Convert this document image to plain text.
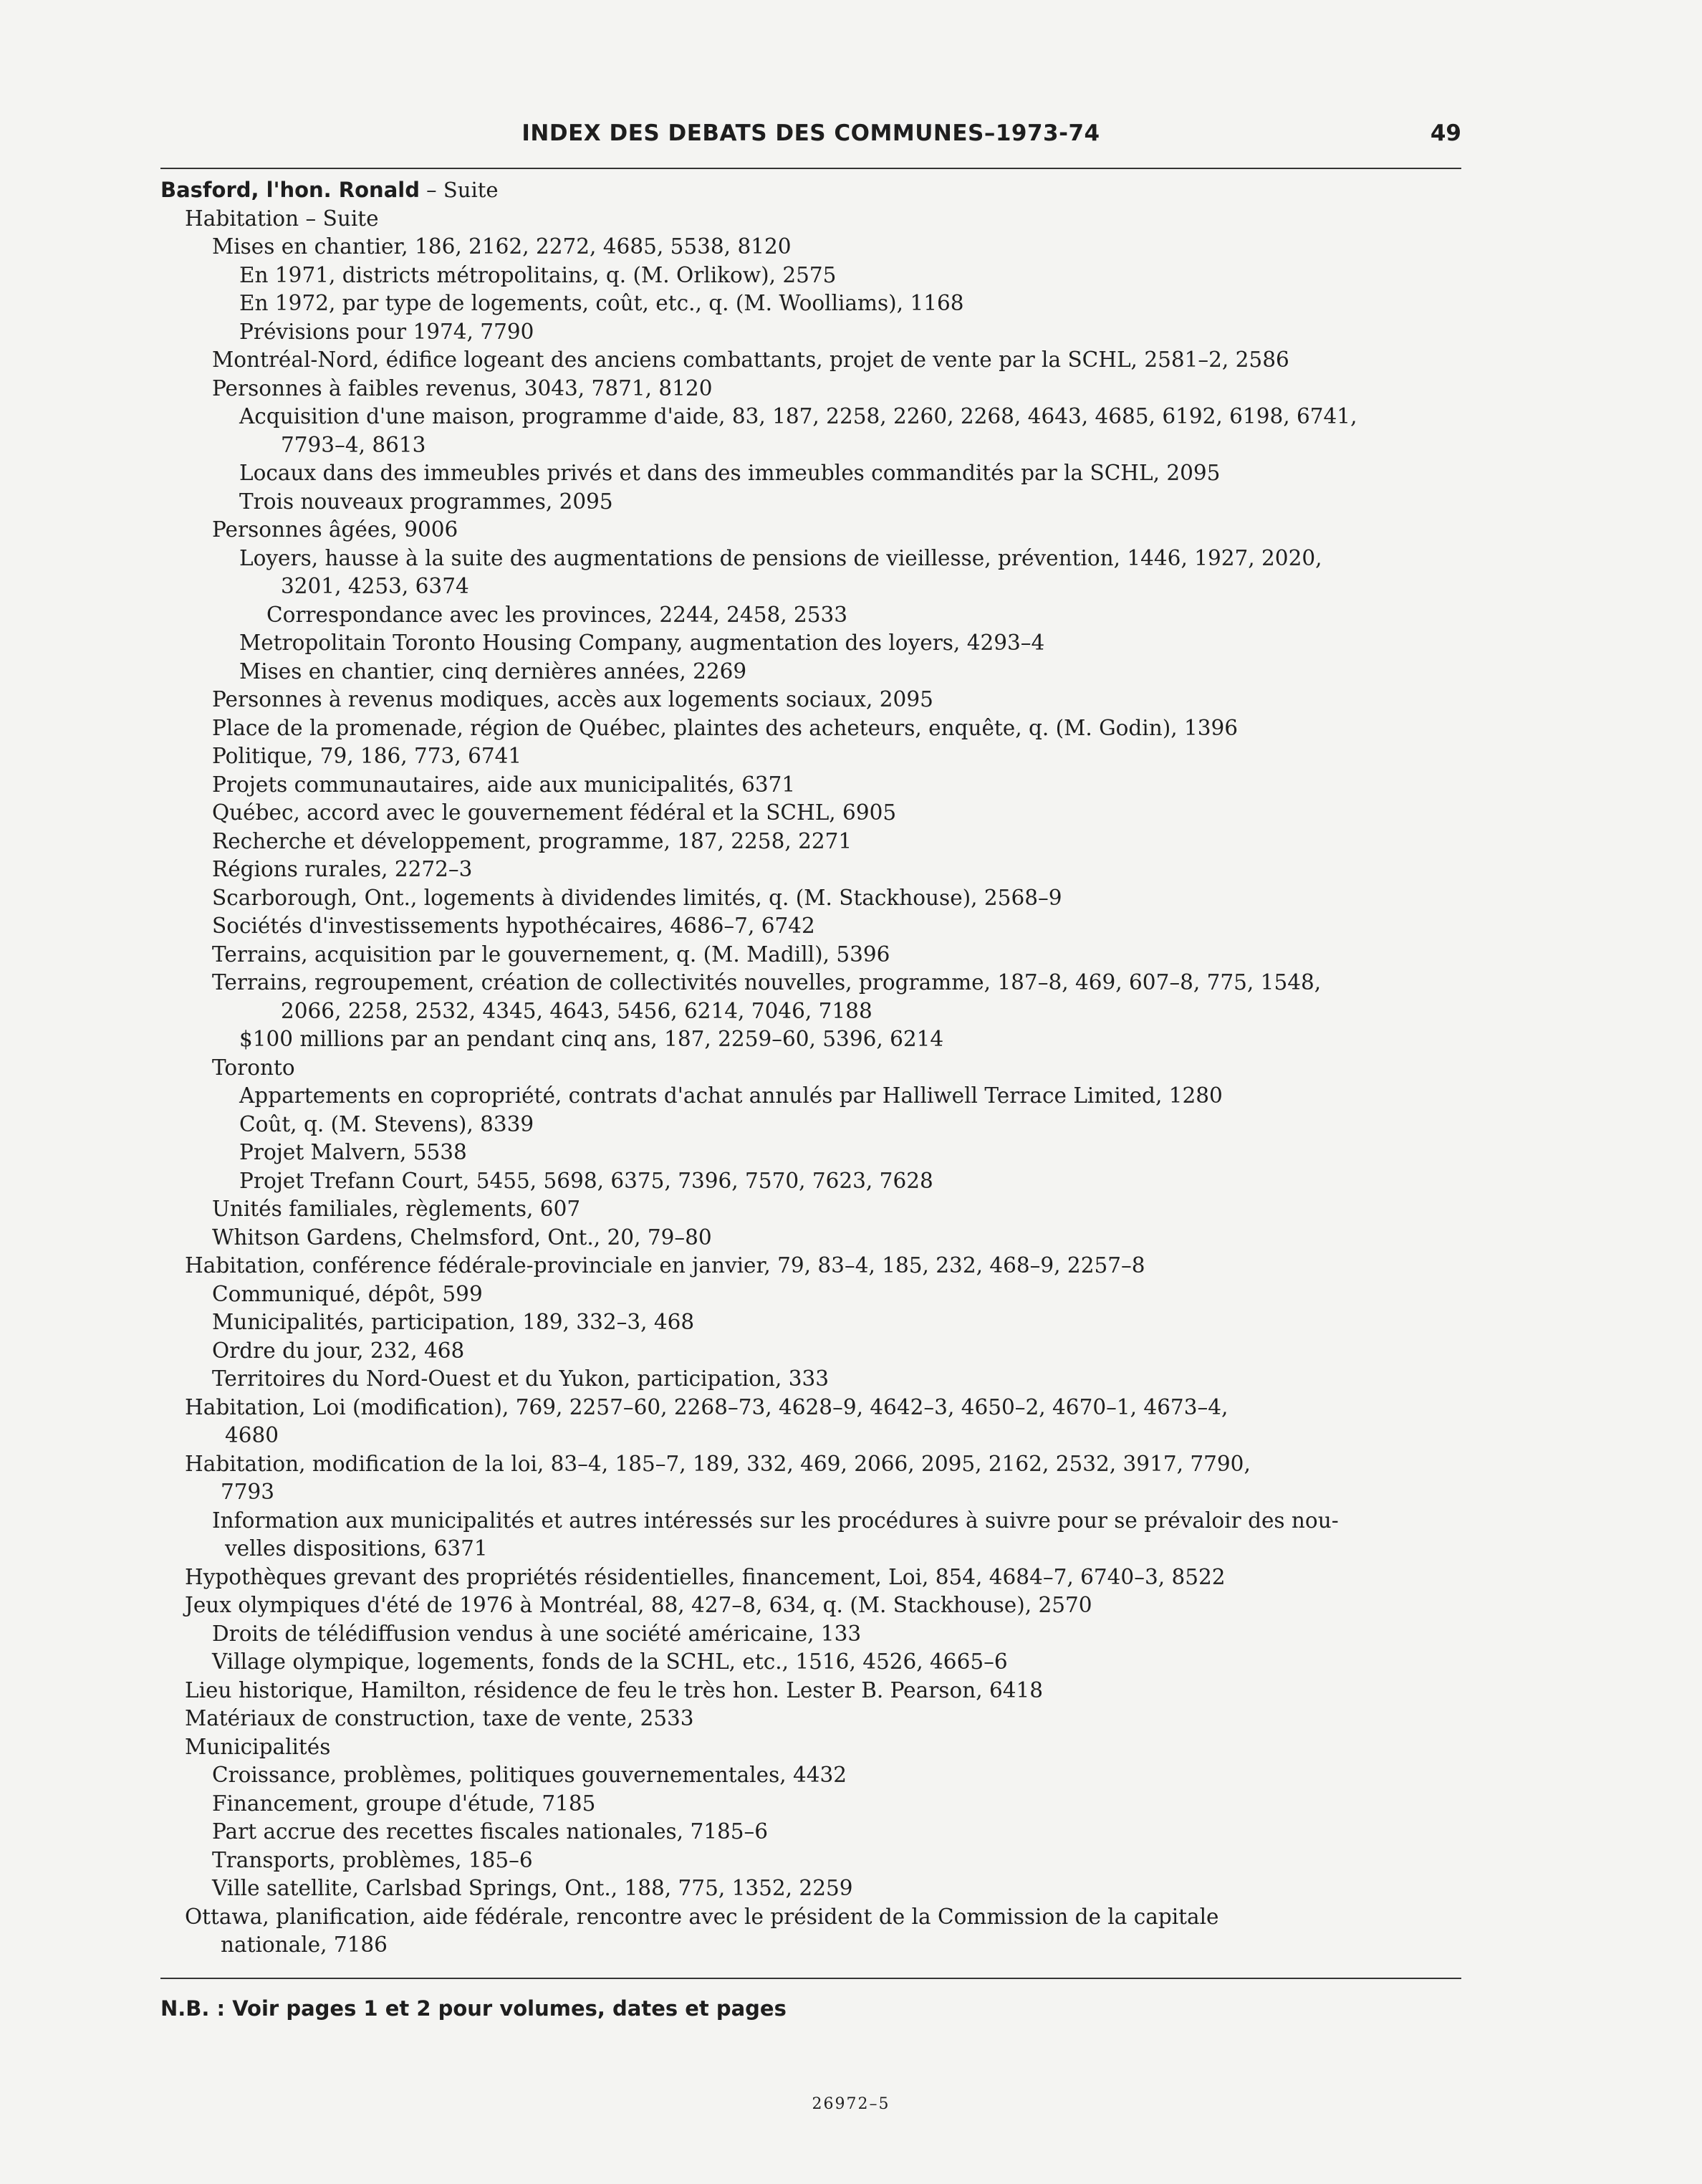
INDEX DES DEBATS DES COMMUNES–1973-74	49
Basford, l'hon. Ronald – Suite
Habitation – Suite
Mises en chantier, 186, 2162, 2272, 4685, 5538, 8120
En 1971, districts métropolitains, q. (M. Orlikow), 2575
En 1972, par type de logements, coût, etc., q. (M. Woolliams), 1168
Prévisions pour 1974, 7790
Montréal-Nord, édifice logeant des anciens combattants, projet de vente par la SCHL, 2581–2, 2586
Personnes à faibles revenus, 3043, 7871, 8120
Acquisition d'une maison, programme d'aide, 83, 187, 2258, 2260, 2268, 4643, 4685, 6192, 6198, 6741,
7793–4, 8613
Locaux dans des immeubles privés et dans des immeubles commandités par la SCHL, 2095
Trois nouveaux programmes, 2095
Personnes âgées, 9006
Loyers, hausse à la suite des augmentations de pensions de vieillesse, prévention, 1446, 1927, 2020,
3201, 4253, 6374
Correspondance avec les provinces, 2244, 2458, 2533
Metropolitain Toronto Housing Company, augmentation des loyers, 4293–4
Mises en chantier, cinq dernières années, 2269
Personnes à revenus modiques, accès aux logements sociaux, 2095
Place de la promenade, région de Québec, plaintes des acheteurs, enquête, q. (M. Godin), 1396
Politique, 79, 186, 773, 6741
Projets communautaires, aide aux municipalités, 6371
Québec, accord avec le gouvernement fédéral et la SCHL, 6905
Recherche et développement, programme, 187, 2258, 2271
Régions rurales, 2272–3
Scarborough, Ont., logements à dividendes limités, q. (M. Stackhouse), 2568–9
Sociétés d'investissements hypothécaires, 4686–7, 6742
Terrains, acquisition par le gouvernement, q. (M. Madill), 5396
Terrains, regroupement, création de collectivités nouvelles, programme, 187–8, 469, 607–8, 775, 1548,
2066, 2258, 2532, 4345, 4643, 5456, 6214, 7046, 7188
$100 millions par an pendant cinq ans, 187, 2259–60, 5396, 6214
Toronto
Appartements en copropriété, contrats d'achat annulés par Halliwell Terrace Limited, 1280
Coût, q. (M. Stevens), 8339
Projet Malvern, 5538
Projet Trefann Court, 5455, 5698, 6375, 7396, 7570, 7623, 7628
Unités familiales, règlements, 607
Whitson Gardens, Chelmsford, Ont., 20, 79–80
Habitation, conférence fédérale-provinciale en janvier, 79, 83–4, 185, 232, 468–9, 2257–8
Communiqué, dépôt, 599
Municipalités, participation, 189, 332–3, 468
Ordre du jour, 232, 468
Territoires du Nord-Ouest et du Yukon, participation, 333
Habitation, Loi (modification), 769, 2257–60, 2268–73, 4628–9, 4642–3, 4650–2, 4670–1, 4673–4,
4680
Habitation, modification de la loi, 83–4, 185–7, 189, 332, 469, 2066, 2095, 2162, 2532, 3917, 7790,
7793
Information aux municipalités et autres intéressés sur les procédures à suivre pour se prévaloir des nou-
velles dispositions, 6371
Hypothèques grevant des propriétés résidentielles, financement, Loi, 854, 4684–7, 6740–3, 8522
Jeux olympiques d'été de 1976 à Montréal, 88, 427–8, 634, q. (M. Stackhouse), 2570
Droits de télédiffusion vendus à une société américaine, 133
Village olympique, logements, fonds de la SCHL, etc., 1516, 4526, 4665–6
Lieu historique, Hamilton, résidence de feu le très hon. Lester B. Pearson, 6418
Matériaux de construction, taxe de vente, 2533
Municipalités
Croissance, problèmes, politiques gouvernementales, 4432
Financement, groupe d'étude, 7185
Part accrue des recettes fiscales nationales, 7185–6
Transports, problèmes, 185–6
Ville satellite, Carlsbad Springs, Ont., 188, 775, 1352, 2259
Ottawa, planification, aide fédérale, rencontre avec le président de la Commission de la capitale
nationale, 7186
N.B. : Voir pages 1 et 2 pour volumes, dates et pages
26972–5
